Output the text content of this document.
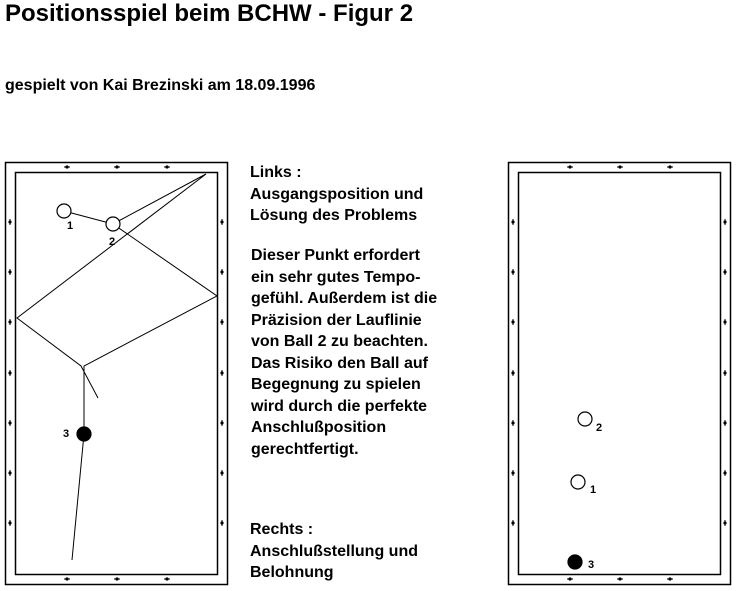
Positionsspiel beim BCHW - Figur 2
gespielt von Kai Brezinski am 18.09.1996
1
2
3	2
1
3
Links :
Ausgangsposition und
Lösung des Problems
Dieser Punkt erfordert
ein sehr gutes Tempo-
gefühl. Außerdem ist die
Präzision der Lauflinie
von Ball 2 zu beachten.
Das Risiko den Ball auf
Begegnung zu spielen
wird durch die perfekte
Anschlußposition
gerechtfertigt.
Rechts :
Anschlußstellung und
Belohnung
